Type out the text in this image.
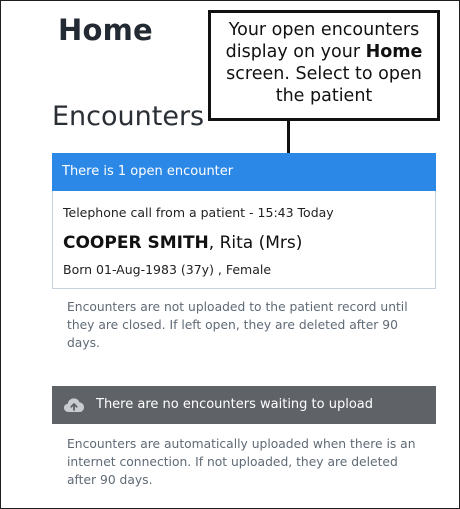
Home	Your open encounters display on your Home screen. Select to open the patient
Encounters
There is 1 open encounter
Telephone call from a patient - 15:43 Today
COOPER SMITH, Rita (Mrs)
Born 01-Aug-1983 (37y) , Female
Encounters are not uploaded to the patient record until they are closed. If left open, they are deleted after 90 days.
There are no encounters waiting to upload
Encounters are automatically uploaded when there is an internet connection. If not uploaded, they are deleted after 90 days.
